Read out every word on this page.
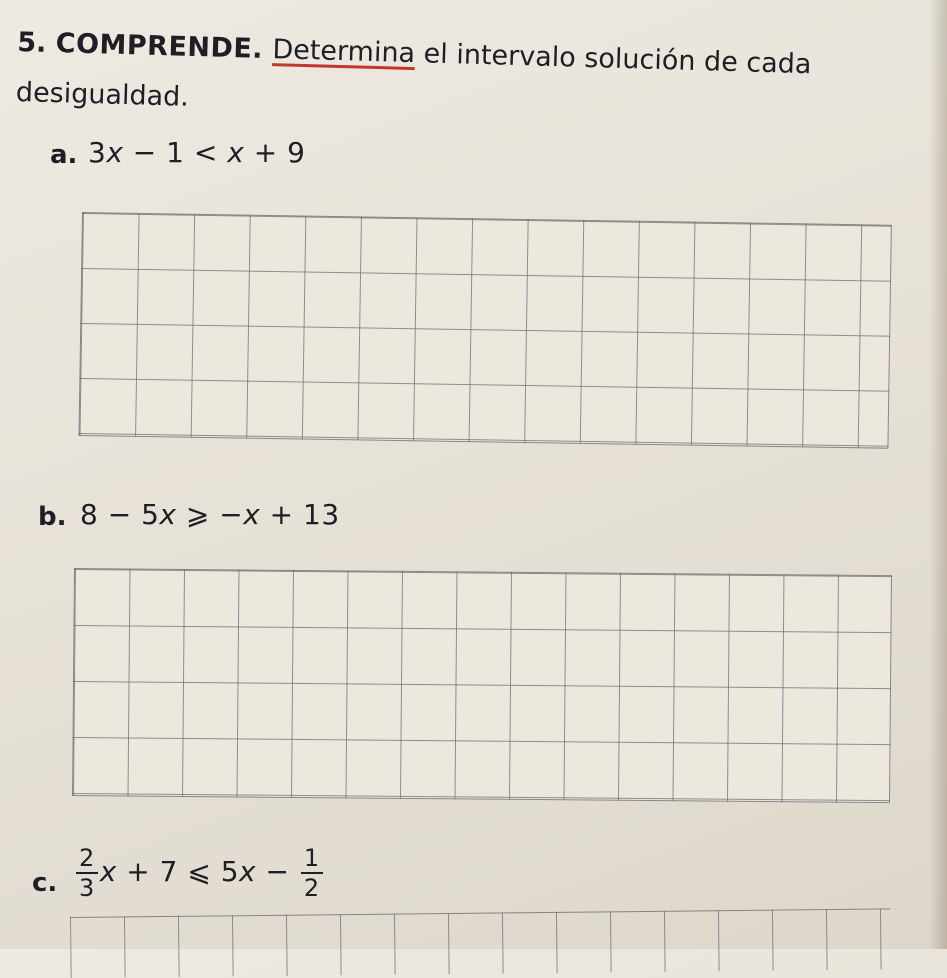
5. COMPRENDE. Determina el intervalo solución de cada
desigualdad.
a. 3x − 1 < x + 9
b. 8 − 5x ⩾ −x + 13
c. $\frac{2}{3}$ x + 7 ⩽ $5x - \frac{1}{2}$
